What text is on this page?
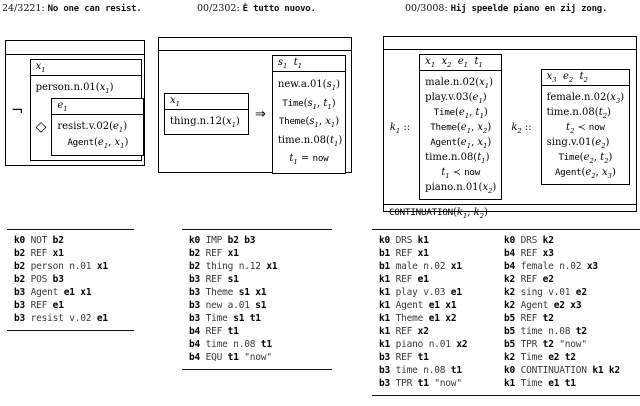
24/3221: No one can resist.	00/2302: È tutto nuovo.	00/3008: Hij speelde piano en zij zong.
¬
$x_1$
$person.n.01(x_1)$
◇
$e_1$
$resist.v.02(e_1)$
$Agent(e_1$, $x_1$)
$x_1$
$thing.n.12(x_1)$ ⇒
$s_1$ $t_1$
$new.a.01(s_1)$
$Time(s_1$, $t_1$)
$Theme(s_1$, $x_1$)
$time.n.08(t_1)$
$t_1$ = now
$k_1$ ::
$x_1$ $x_2$ $e_1$ $t_1$
$male.n.02(x_1)$
$play.v.03(e_1)$
$Time(e_1$, $t_1$)
$Theme(e_1$, $x_2$)
$Agent(e_1$, $x_1$)
$time.n.08(t_1)$
$t_1$ ≺ now
$piano.n.01(x_2)$
$k_2$ ::
$x_3$ $e_2$ $t_2$
$female.n.02(x_3)$
$time.n.08(t_2)$
$t_2$ ≺ now
$\sin g.v.01(e_2)$
$Time(e_2$, $t_2$)
$Agent(e_2$, $x_3$)
$CONTINUATION(k_1$, $k_2$)
k0 NOT b2
b2 REF x1
b2 person n.01 x1
b2 POS b3
b3 Agent e1 x1
b3 REF e1
b3 resist v.02 e1
k0 IMP b2 b3
b2 REF x1
b2 thing n.12 x1
b3 REF s1
b3 Theme s1 x1
b3 new a.01 s1
b3 Time s1 t1
b4 REF t1
b4 time n.08 t1
b4 EQU t1 "now"
k0 DRS k1
b1 REF x1
b1 male n.02 x1
k1 REF e1
k1 play v.03 e1
k1 Agent e1 x1
k1 Theme e1 x2
k1 REF x2
k1 piano n.01 x2
b3 REF t1
b3 time n.08 t1
b3 TPR t1 "now"
k0 DRS k2
b4 REF x3
b4 female n.02 x3
k2 REF e2
k2 sing v.01 e2
k2 Agent e2 x3
b5 REF t2
b5 time n.08 t2
b5 TPR t2 "now"
k2 Time e2 t2
k0 CONTINUATION k1 k2
k1 Time e1 t1
